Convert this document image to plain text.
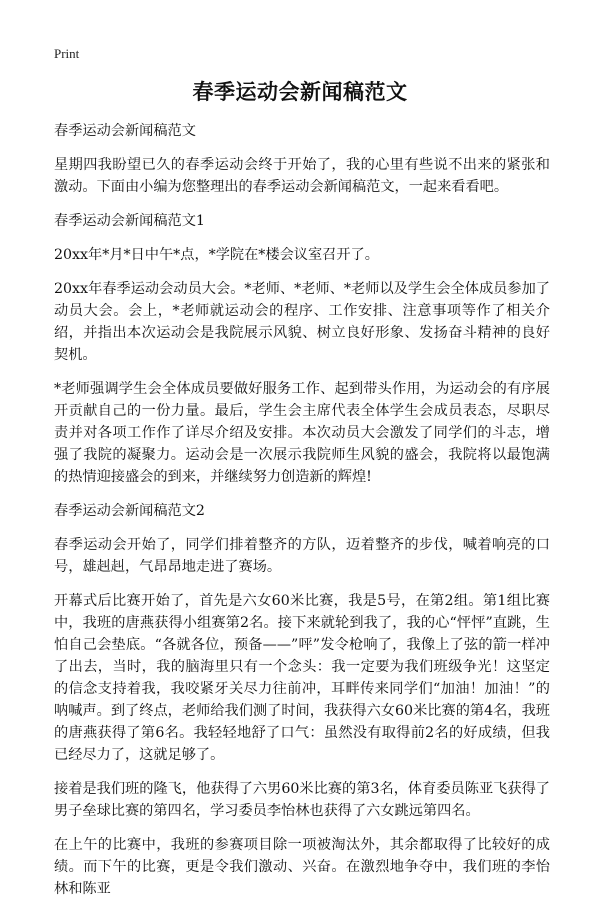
Print
春季运动会新闻稿范文

春季运动会新闻稿范文

星期四我盼望已久的春季运动会终于开始了，我的心里有些说不出来的紧张和激动。下面由小编为您整理出的春季运动会新闻稿范文，一起来看看吧。

春季运动会新闻稿范文1

20xx年*月*日中午*点，*学院在*楼会议室召开了。

20xx年春季运动会动员大会。*老师、*老师、*老师以及学生会全体成员参加了动员大会。会上，*老师就运动会的程序、工作安排、注意事项等作了相关介绍，并指出本次运动会是我院展示风貌、树立良好形象、发扬奋斗精神的良好契机。

*老师强调学生会全体成员要做好服务工作、起到带头作用，为运动会的有序展开贡献自己的一份力量。最后，学生会主席代表全体学生会成员表态，尽职尽责并对各项工作作了详尽介绍及安排。本次动员大会激发了同学们的斗志，增强了我院的凝聚力。运动会是一次展示我院师生风貌的盛会，我院将以最饱满的热情迎接盛会的到来，并继续努力创造新的辉煌!

春季运动会新闻稿范文2

春季运动会开始了，同学们排着整齐的方队，迈着整齐的步伐，喊着响亮的口号，雄赳赳，气昂昂地走进了赛场。

开幕式后比赛开始了，首先是六女60米比赛，我是5号，在第2组。第1组比赛中，我班的唐燕获得小组赛第2名。接下来就轮到我了，我的心“怦怦”直跳，生怕自己会垫底。“各就各位，预备——”呯”发令枪响了，我像上了弦的箭一样冲了出去，当时，我的脑海里只有一个念头：我一定要为我们班级争光！这坚定的信念支持着我，我咬紧牙关尽力往前冲，耳畔传来同学们“加油！加油！”的呐喊声。到了终点，老师给我们测了时间，我获得六女60米比赛的第4名，我班的唐燕获得了第6名。我轻轻地舒了口气：虽然没有取得前2名的好成绩，但我已经尽力了，这就足够了。

接着是我们班的隆飞，他获得了六男60米比赛的第3名，体育委员陈亚飞获得了男子垒球比赛的第四名，学习委员李怡林也获得了六女跳远第四名。

在上午的比赛中，我班的参赛项目除一项被淘汰外，其余都取得了比较好的成绩。而下午的比赛，更是令我们激动、兴奋。在激烈地争夺中，我们班的李怡林和陈亚
